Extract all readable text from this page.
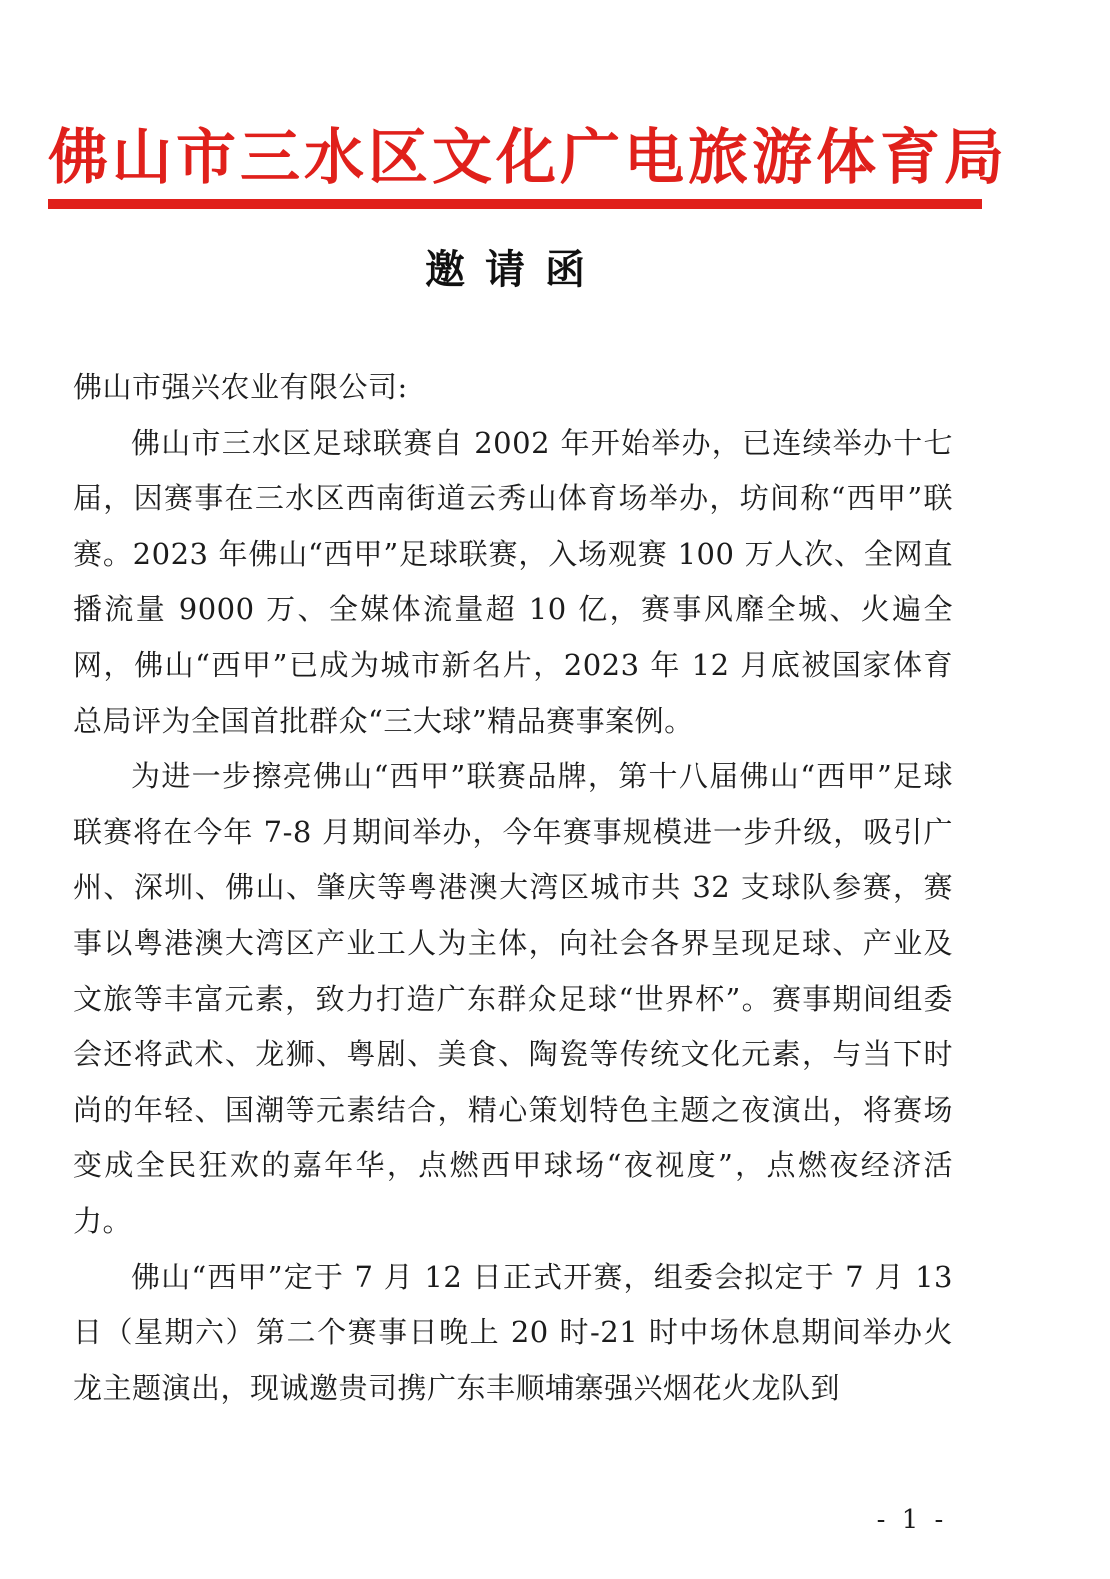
佛山市三水区文化广电旅游体育局
邀请函

佛山市强兴农业有限公司:

佛山市三水区足球联赛自 2002 年开始举办，已连续举办十七届，因赛事在三水区西南街道云秀山体育场举办，坊间称“西甲”联赛。2023 年佛山“西甲”足球联赛，入场观赛 100 万人次、全网直播流量 9000 万、全媒体流量超 10 亿，赛事风靡全城、火遍全网，佛山“西甲”已成为城市新名片，2023 年 12 月底被国家体育总局评为全国首批群众“三大球”精品赛事案例。

为进一步擦亮佛山“西甲”联赛品牌，第十八届佛山“西甲”足球联赛将在今年 7-8 月期间举办，今年赛事规模进一步升级，吸引广州、深圳、佛山、肇庆等粤港澳大湾区城市共 32 支球队参赛，赛事以粤港澳大湾区产业工人为主体，向社会各界呈现足球、产业及文旅等丰富元素，致力打造广东群众足球“世界杯”。赛事期间组委会还将武术、龙狮、粤剧、美食、陶瓷等传统文化元素，与当下时尚的年轻、国潮等元素结合，精心策划特色主题之夜演出，将赛场变成全民狂欢的嘉年华，点燃西甲球场“夜视度”，点燃夜经济活力。

佛山“西甲”定于 7 月 12 日正式开赛，组委会拟定于 7 月 13 日（星期六）第二个赛事日晚上 20 时-21 时中场休息期间举办火龙主题演出，现诚邀贵司携广东丰顺埔寨强兴烟花火龙队到

- 1 -
